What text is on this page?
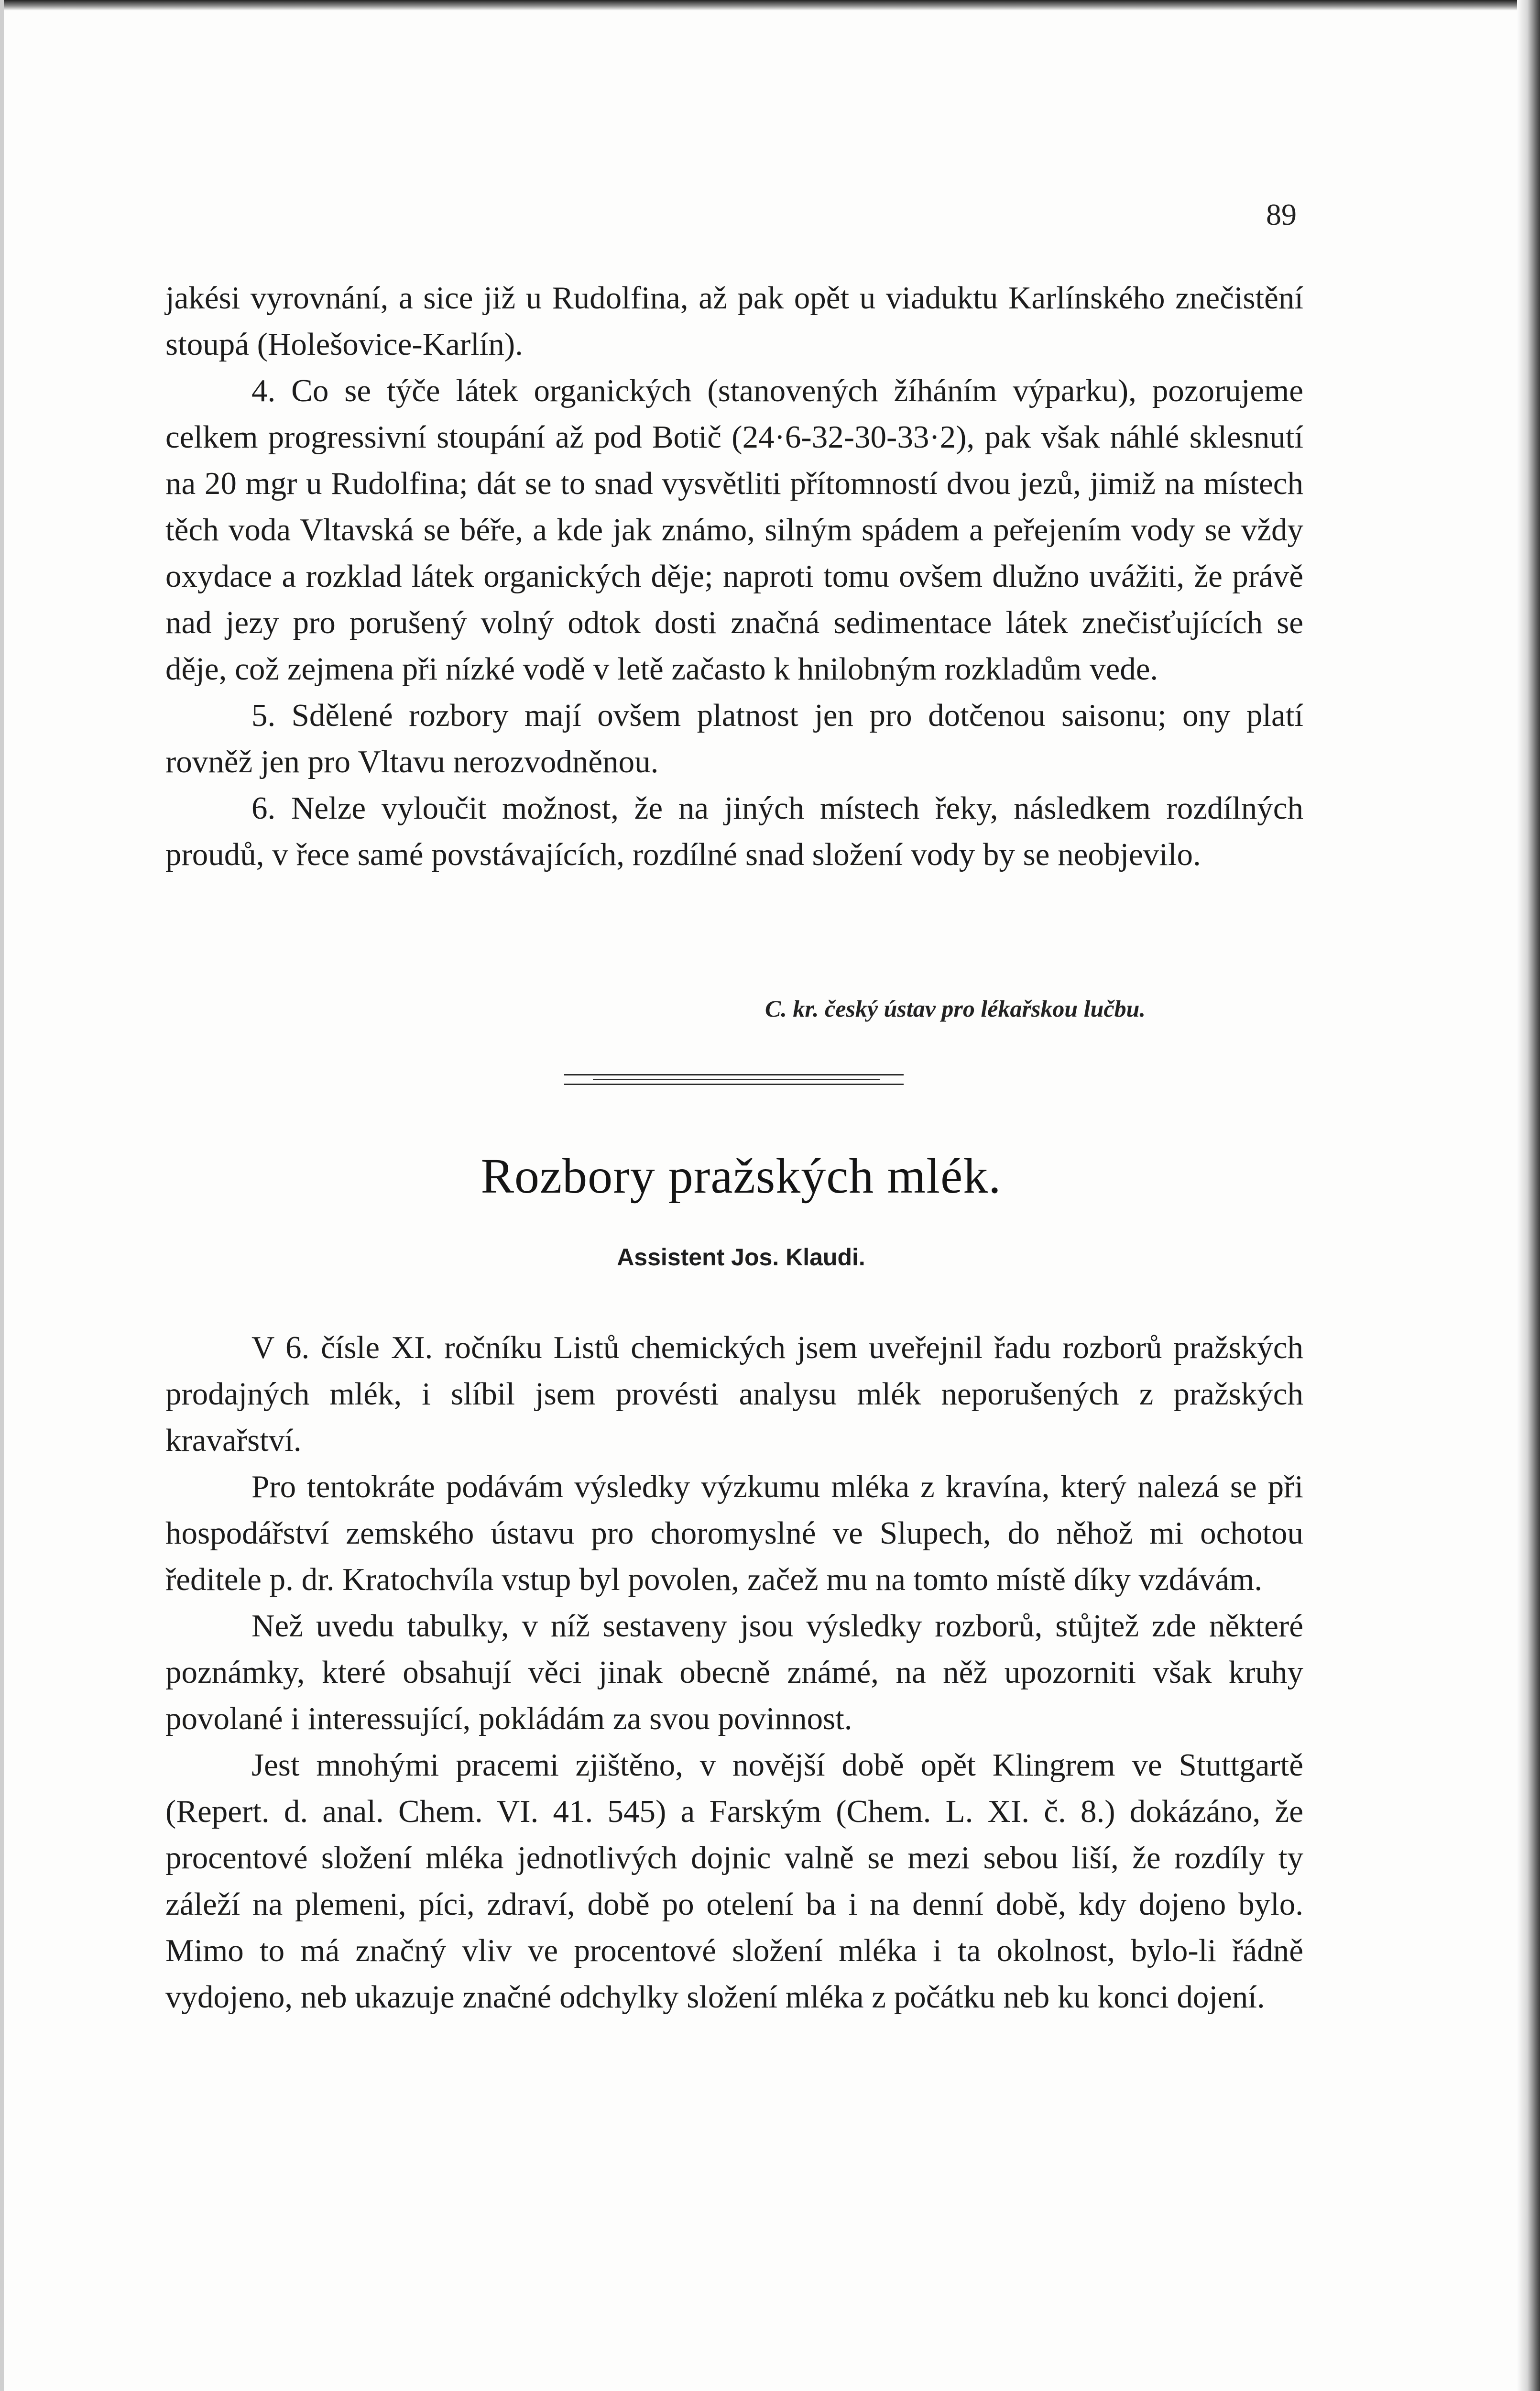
89

jakési vyrovnání, a sice již u Rudolfina, až pak opět u viaduktu Karlínského znečistění stoupá (Holešovice-Karlín).

4. Co se týče látek organických (stanovených žíháním výparku), pozorujeme celkem progressivní stoupání až pod Botič (24·6-32-30-33·2), pak však náhlé sklesnutí na 20 mgr u Rudolfina; dát se to snad vysvětliti přítomností dvou jezů, jimiž na místech těch voda Vltavská se béře, a kde jak známo, silným spádem a peřejením vody se vždy oxydace a rozklad látek organických děje; naproti tomu ovšem dlužno uvážiti, že právě nad jezy pro porušený volný odtok dosti značná sedimentace látek znečisťujících se děje, což zejmena při nízké vodě v letě začasto k hnilobným rozkladům vede.

5. Sdělené rozbory mají ovšem platnost jen pro dotčenou saisonu; ony platí rovněž jen pro Vltavu nerozvodněnou.

6. Nelze vyloučit možnost, že na jiných místech řeky, následkem rozdílných proudů, v řece samé povstávajících, rozdílné snad složení vody by se neobjevilo.

C. kr. český ústav pro lékařskou lučbu.
Rozbory pražských mlék.
Assistent Jos. Klaudi.

V 6. čísle XI. ročníku Listů chemických jsem uveřejnil řadu rozborů pražských prodajných mlék, i slíbil jsem provésti analysu mlék neporušených z pražských kravařství.

Pro tentokráte podávám výsledky výzkumu mléka z kravína, který nalezá se při hospodářství zemského ústavu pro choromyslné ve Slupech, do něhož mi ochotou ředitele p. dr. Kratochvíla vstup byl povolen, začež mu na tomto místě díky vzdávám.

Než uvedu tabulky, v níž sestaveny jsou výsledky rozborů, stůjtež zde některé poznámky, které obsahují věci jinak obecně známé, na něž upozorniti však kruhy povolané i interessující, pokládám za svou povinnost.

Jest mnohými pracemi zjištěno, v novější době opět Klingrem ve Stuttgartě (Repert. d. anal. Chem. VI. 41. 545) a Farským (Chem. L. XI. č. 8.) dokázáno, že procentové složení mléka jednotlivých dojnic valně se mezi sebou liší, že rozdíly ty záleží na plemeni, píci, zdraví, době po otelení ba i na denní době, kdy dojeno bylo. Mimo to má značný vliv ve procentové složení mléka i ta okolnost, bylo-li řádně vydojeno, neb ukazuje značné odchylky složení mléka z počátku neb ku konci dojení.
